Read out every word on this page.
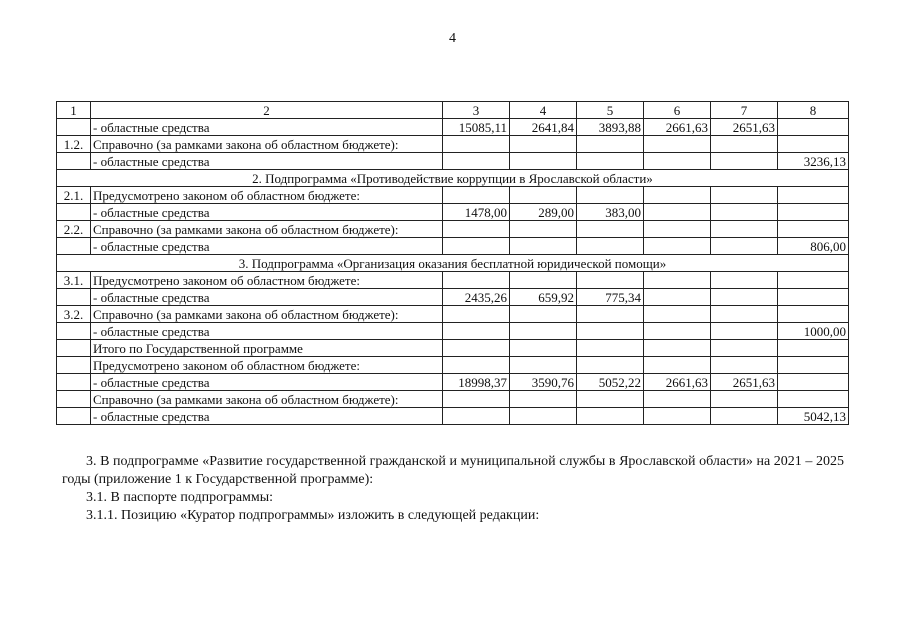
4
1	2	3	4	5	6	7	8
	- областные средства	15085,11	2641,84	3893,88	2661,63	2651,63	
1.2.	Справочно (за рамками закона об областном бюджете):						
	- областные средства						3236,13
2. Подпрограмма «Противодействие коррупции в Ярославской области»							
2.1.	Предусмотрено законом об областном бюджете:						
	- областные средства	1478,00	289,00	383,00			
2.2.	Справочно (за рамками закона об областном бюджете):						
	- областные средства						806,00
3. Подпрограмма «Организация оказания бесплатной юридической помощи»							
3.1.	Предусмотрено законом об областном бюджете:						
	- областные средства	2435,26	659,92	775,34			
3.2.	Справочно (за рамками закона об областном бюджете):						
	- областные средства						1000,00
	Итого по Государственной программе						
	Предусмотрено законом об областном бюджете:						
	- областные средства	18998,37	3590,76	5052,22	2661,63	2651,63	
	Справочно (за рамками закона об областном бюджете):						
	- областные средства						5042,13
3. В подпрограмме «Развитие государственной гражданской и муниципальной службы в Ярославской области» на 2021 – 2025 годы (приложение 1 к Государственной программе):
3.1. В паспорте подпрограммы:
3.1.1. Позицию «Куратор подпрограммы» изложить в следующей редакции:
